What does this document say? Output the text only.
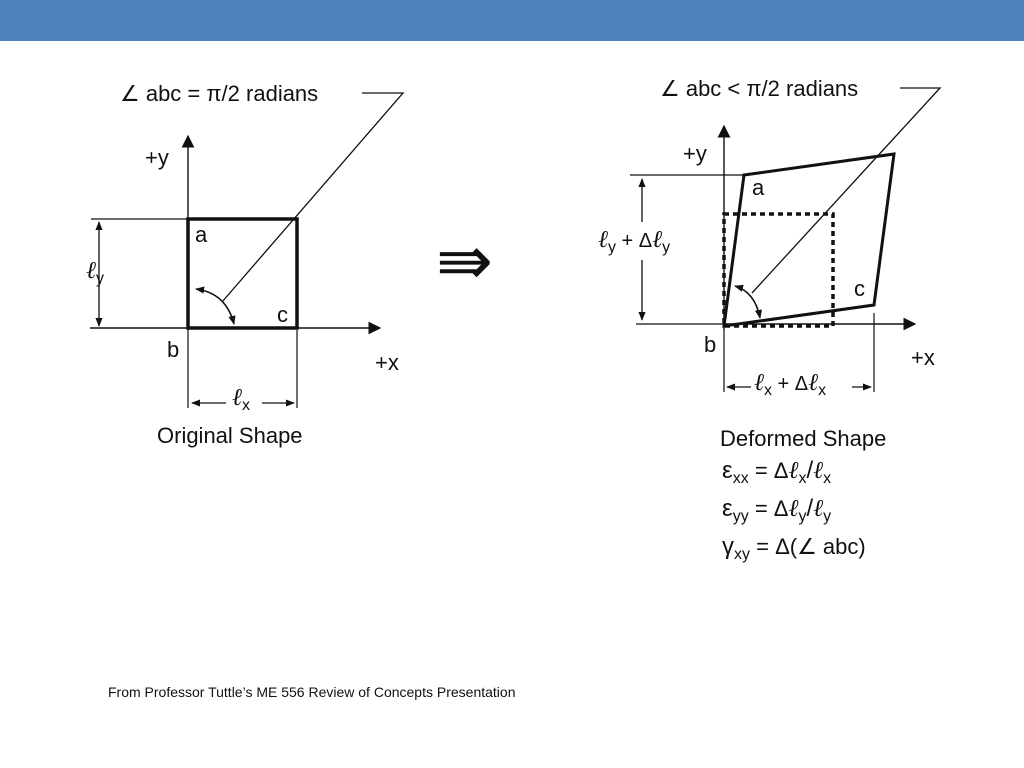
∠ abc = π/2 radians
+y
+x
a
b
c
ℓ$_y$
ℓ$_x$
Original Shape
⇛
∠ abc < π/2 radians
+y
+x
a
b
c
ℓ$_y$ $^{+ \Delta}$ℓ$_y$
ℓ$_x$ $^{+ \Delta}$ℓ$_x$
Deformed Shape
$\varepsilon_{xx}$ = Δℓ$_x$/ℓ$_x$
$\varepsilon_{yy}$ = Δℓ$_y$/ℓ$_y$
$\gamma_{xy}$ = Δ(∠ abc)
From Professor Tuttle’s ME 556 Review of Concepts Presentation
